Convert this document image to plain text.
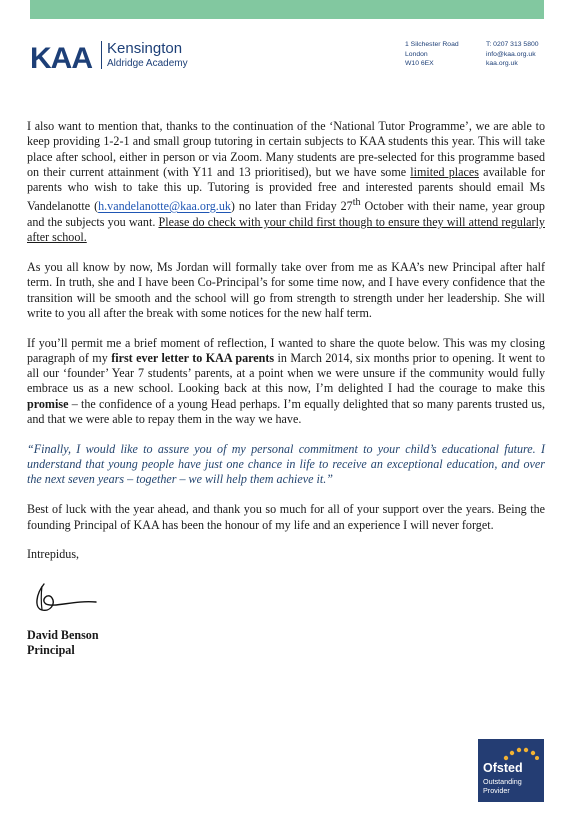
KAA Kensington
Aldridge Academy
1 Silchester Road
London
W10 6EX
T: 0207 313 5800
info@kaa.org.uk
kaa.org.uk

I also want to mention that, thanks to the continuation of the ‘National Tutor Programme’, we are able to keep providing 1-2-1 and small group tutoring in certain subjects to KAA students this year. This will take place after school, either in person or via Zoom. Many students are pre-selected for this programme based on their current attainment (with Y11 and 13 prioritised), but we have some limited places available for parents who wish to take this up. Tutoring is provided free and interested parents should email Ms Vandelanotte (h.vandelanotte@kaa.org.uk) no later than Friday 27th October with their name, year group and the subjects you want. Please do check with your child first though to ensure they will attend regularly after school.

As you all know by now, Ms Jordan will formally take over from me as KAA’s new Principal after half term. In truth, she and I have been Co-Principal’s for some time now, and I have every confidence that the transition will be smooth and the school will go from strength to strength under her leadership. She will write to you all after the break with some notices for the new half term.

If you’ll permit me a brief moment of reflection, I wanted to share the quote below. This was my closing paragraph of my first ever letter to KAA parents in March 2014, six months prior to opening. It went to all our ‘founder’ Year 7 students’ parents, at a point when we were unsure if the community would fully embrace us as a new school. Looking back at this now, I’m delighted I had the courage to make this promise – the confidence of a young Head perhaps. I’m equally delighted that so many parents trusted us, and that we were able to repay them in the way we have.

“Finally, I would like to assure you of my personal commitment to your child’s educational future. I understand that young people have just one chance in life to receive an exceptional education, and over the next seven years – together – we will help them achieve it.”

Best of luck with the year ahead, and thank you so much for all of your support over the years. Being the founding Principal of KAA has been the honour of my life and an experience I will never forget.

Intrepidus,

David Benson
Principal
Ofsted
Outstanding
Provider
